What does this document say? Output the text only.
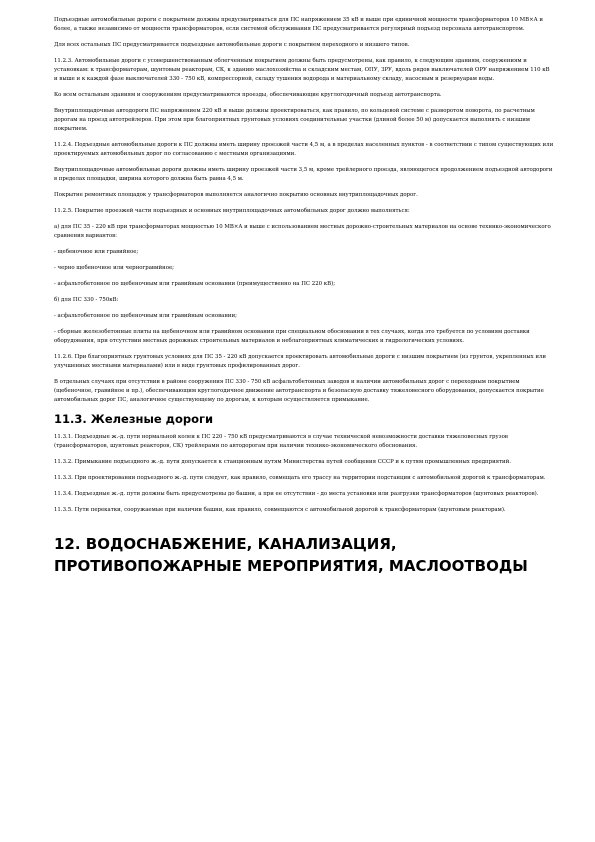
Подъездные автомобильные дороги с покрытием должны предусматриваться для ПС напряжением 35 кВ и выше при единичной мощности трансформаторов 10 МВ×А и более, а также независимо от мощности трансформаторов, если системой обслуживания ПС предусматривается регулярный подъезд персонала автотранспортом.

Для всех остальных ПС предусматривается подъездные автомобильные дороги с покрытием переходного и низшего типов.

11.2.3. Автомобильные дороги с усовершенствованным облегченным покрытием должны быть предусмотрены, как правило, к следующим зданиям, сооружениям и установкам: к трансформаторам, шунтовым реакторам, СК, к зданию маслохозяйства и складским местам, ОПУ, ЗРУ, вдоль рядов выключателей ОРУ напряжением 110 кВ и выше и к каждой фазе выключателей 330 - 750 кВ, компрессорной, складу тушения водорода и материальному складу, насосным и резервуарам воды.

Ко всем остальным зданиям и сооружениям предусматриваются проезды, обеспечивающие круглогодичный подъезд автотранспорта.

Внутриплощадочные автодороги ПС напряжением 220 кВ и выше должны проектироваться, как правило, по кольцевой системе с разворотом поворота, по расчетным дорогам на проезд автотрейлеров. При этом при благоприятных грунтовых условиях соединительные участки (длиной более 50 м) допускается выполнять с низшим покрытием.

11.2.4. Подъездные автомобильные дороги к ПС должны иметь ширину проезжей части 4,5 м, а в пределах населенных пунктов - в соответствии с типом существующих или проектируемых автомобильных дорог по согласованию с местными организациями.

Внутриплощадочные автомобильные дороги должны иметь ширину проезжей части 3,5 м, кроме трейлерного проезда, являющегося продолжением подъездной автодороги в пределах площадки, ширина которого должна быть равна 4,5 м.

Покрытие ремонтных площадок у трансформаторов выполняется аналогично покрытию основных внутриплощадочных дорог.

11.2.5. Покрытие проезжей части подъездных и основных внутриплощадочных автомобильных дорог должно выполняться:

а) для ПС 35 - 220 кВ при трансформаторах мощностью 10 МВ×А и выше с использованием местных дорожно-строительных материалов на основе технико-экономического сравнения вариантов:

- щебеночное или гравийное;

- черно щебеночное или черногравийное;

- асфальтобетонное по щебеночным или гравийным основании (преимущественно на ПС 220 кВ);

б) для ПС 330 - 750кВ:

- асфальтобетонное по щебеночным или гравийным основании;

- сборные железобетонные плиты на щебеночном или гравийном основании при специальном обосновании в тех случаях, когда это требуется по условиям доставки оборудования, при отсутствии местных дорожных строительных материалов и неблагоприятных климатических и гидрологических условиях.

11.2.6. При благоприятных грунтовых условиях для ПС 35 - 220 кВ допускается проектировать автомобильные дороги с низшим покрытием (из грунтов, укрепленных или улучшенных местными материалами) или в виде грунтовых профилированных дорог.

В отдельных случаях при отсутствии в районе сооружения ПС 330 - 750 кВ асфальтобетонных заводов и наличии автомобильных дорог с переходным покрытием (щебеночное, гравийное и пр.), обеспечивающим круглогодичное движение автотранспорта и безопасную доставку тяжеловесного оборудования, допускается покрытие автомобильных дорог ПС, аналогичное существующему по дорогам, к которым осуществляется примыкание.

11.3. Железные дороги

11.3.1. Подъездные ж.-д. пути нормальной колеи к ПС 220 - 750 кВ предусматриваются в случае технической невозможности доставки тяжеловесных грузов (трансформаторов, шунтовых реакторов, СК) трейлерами по автодорогам при наличии технико-экономического обоснования.

11.3.2. Примыкание подъездного ж.-д. пути допускается к станционным путям Министерства путей сообщения СССР и к путям промышленных предприятий.

11.3.3. При проектировании подъездного ж.-д. пути следует, как правило, совмещать его трассу на территории подстанции с автомобильной дорогой к трансформаторам.

11.3.4. Подъездные ж.-д. пути должны быть предусмотрены до башни, а при ее отсутствии - до места установки или разгрузки трансформаторов (шунтовых реакторов).

11.3.5. Пути перекатки, сооружаемые при наличии башни, как правило, совмещаются с автомобильной дорогой к трансформаторам (шунтовым реакторам).

12. ВОДОСНАБЖЕНИЕ, КАНАЛИЗАЦИЯ,
ПРОТИВОПОЖАРНЫЕ МЕРОПРИЯТИЯ, МАСЛООТВОДЫ
